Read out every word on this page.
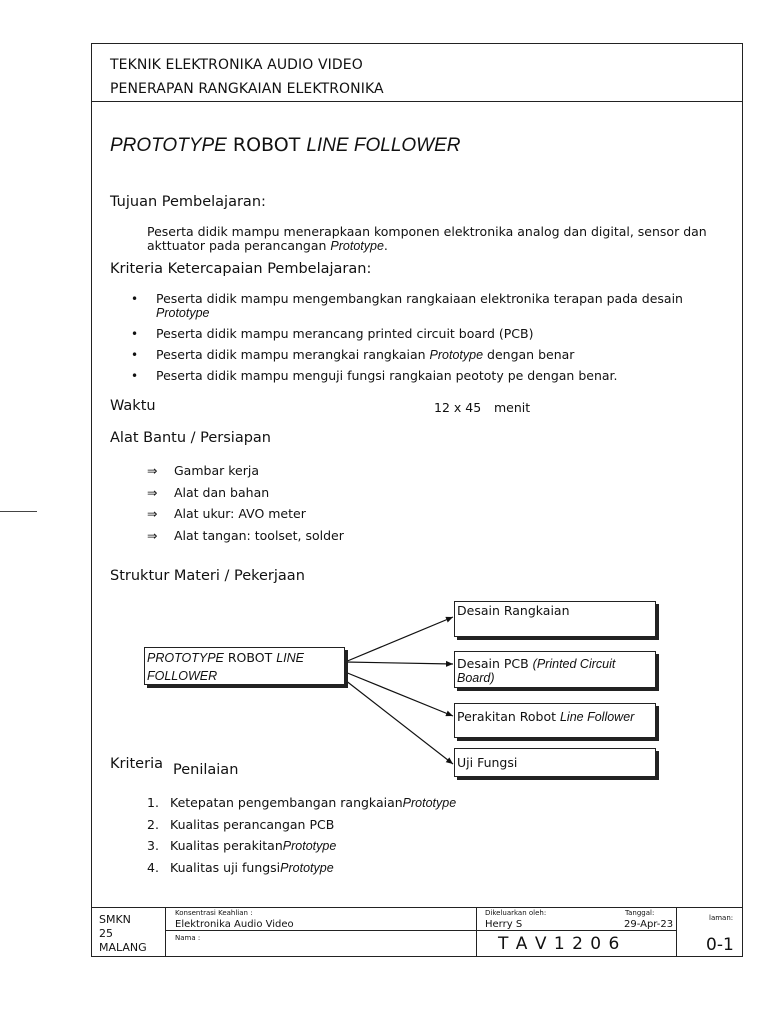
TEKNIK ELEKTRONIKA AUDIO VIDEO
PENERAPAN RANGKAIAN ELEKTRONIKA
PROTOTYPE ROBOT LINE FOLLOWER
Tujuan Pembelajaran:
Peserta didik mampu menerapkaan komponen elektronika analog dan digital, sensor dan akttuator pada perancangan Prototype.
Kriteria Ketercapaian Pembelajaran:
• Peserta didik mampu mengembangkan rangkaiaan elektronika terapan pada desain Prototype
• Peserta didik mampu merancang printed circuit board (PCB)
• Peserta didik mampu merangkai rangkaian Prototype dengan benar
• Peserta didik mampu menguji fungsi rangkaian peototy pe dengan benar.
Waktu	12 x 45 menit
Alat Bantu / Persiapan
⇒	Gambar kerja
⇒	Alat dan bahan
⇒	Alat ukur: AVO meter
⇒	Alat tangan: toolset, solder
Struktur Materi / Pekerjaan
PROTOTYPE ROBOT LINE
FOLLOWER
Desain Rangkaian
Desain PCB (Printed Circuit Board)
Perakitan Robot Line Follower
Uji Fungsi
Kriteria Penilaian
1. Ketepatan pengembangan rangkaian Prototype
2. Kualitas perancangan PCB
3. Kualitas perakitan Prototype
4. Kualitas uji fungsi Prototype
SMKN
25
MALANG
Konsentrasi Keahlian :
Elektronika Audio Video
Nama :
Dikeluarkan oleh:
Herry S
Tanggal:
29-Apr-23
T A V 1 2 0 6
laman:
0-1
